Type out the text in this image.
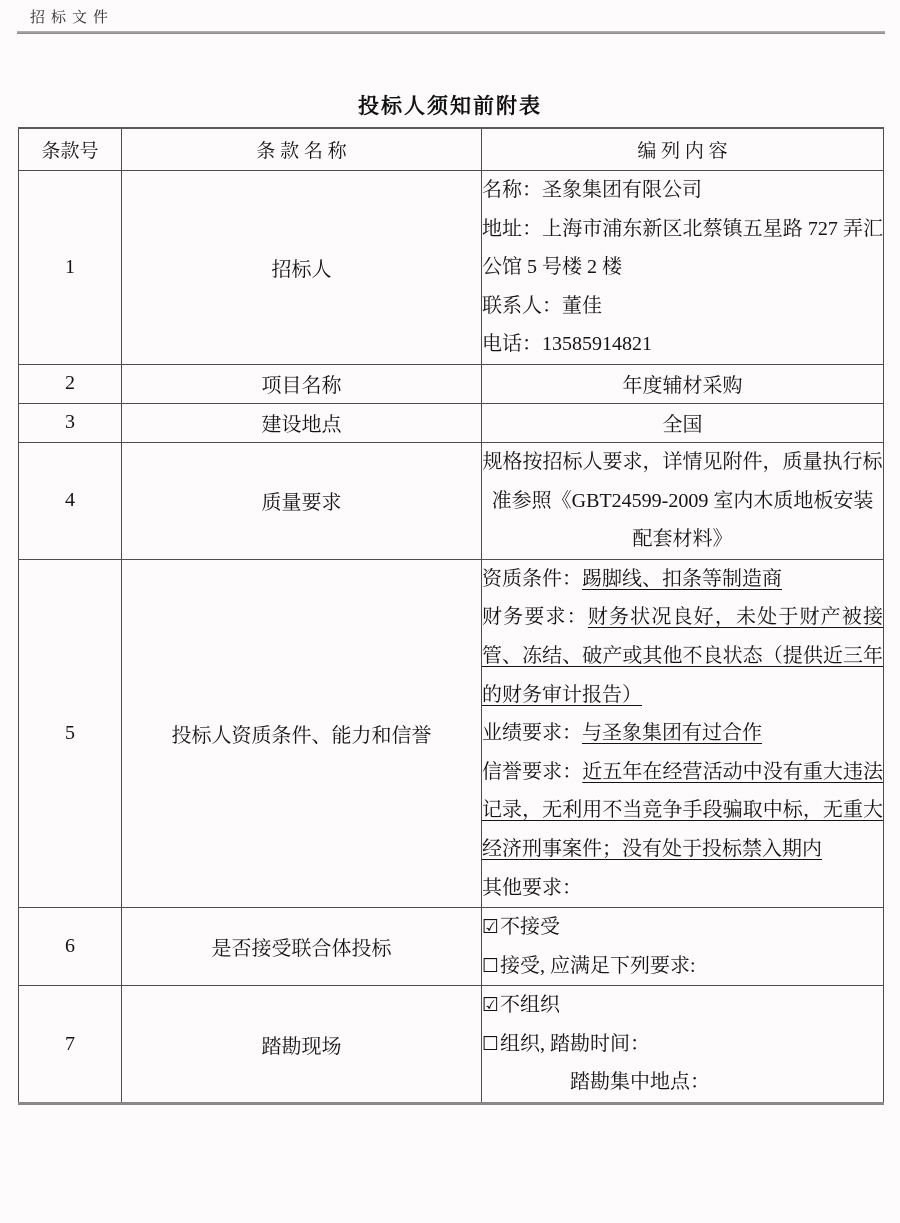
招标文件
投标人须知前附表
条款号	条 款 名 称	编 列 内 容
1	招标人	名称：圣象集团有限公司
地址：上海市浦东新区北蔡镇五星路 727 弄汇公馆 5 号楼 2 楼
联系人：董佳
电话：13585914821

2	项目名称	年度辅材采购
3	建设地点	全国
4	质量要求	规格按招标人要求，详情见附件，质量执行标准参照《GBT24599-2009 室内木质地板安装配套材料》

5	投标人资质条件、能力和信誉	资质条件：踢脚线、扣条等制造商
财务要求：财务状况良好，未处于财产被接管、冻结、破产或其他不良状态（提供近三年的财务审计报告）
业绩要求：与圣象集团有过合作
信誉要求：近五年在经营活动中没有重大违法记录，无利用不当竞争手段骗取中标，无重大经济刑事案件；没有处于投标禁入期内
其他要求：

6	是否接受联合体投标	☑不接受
☐接受, 应满足下列要求:

7	踏勘现场	☑不组织
☐组织, 踏勘时间：
踏勘集中地点：
